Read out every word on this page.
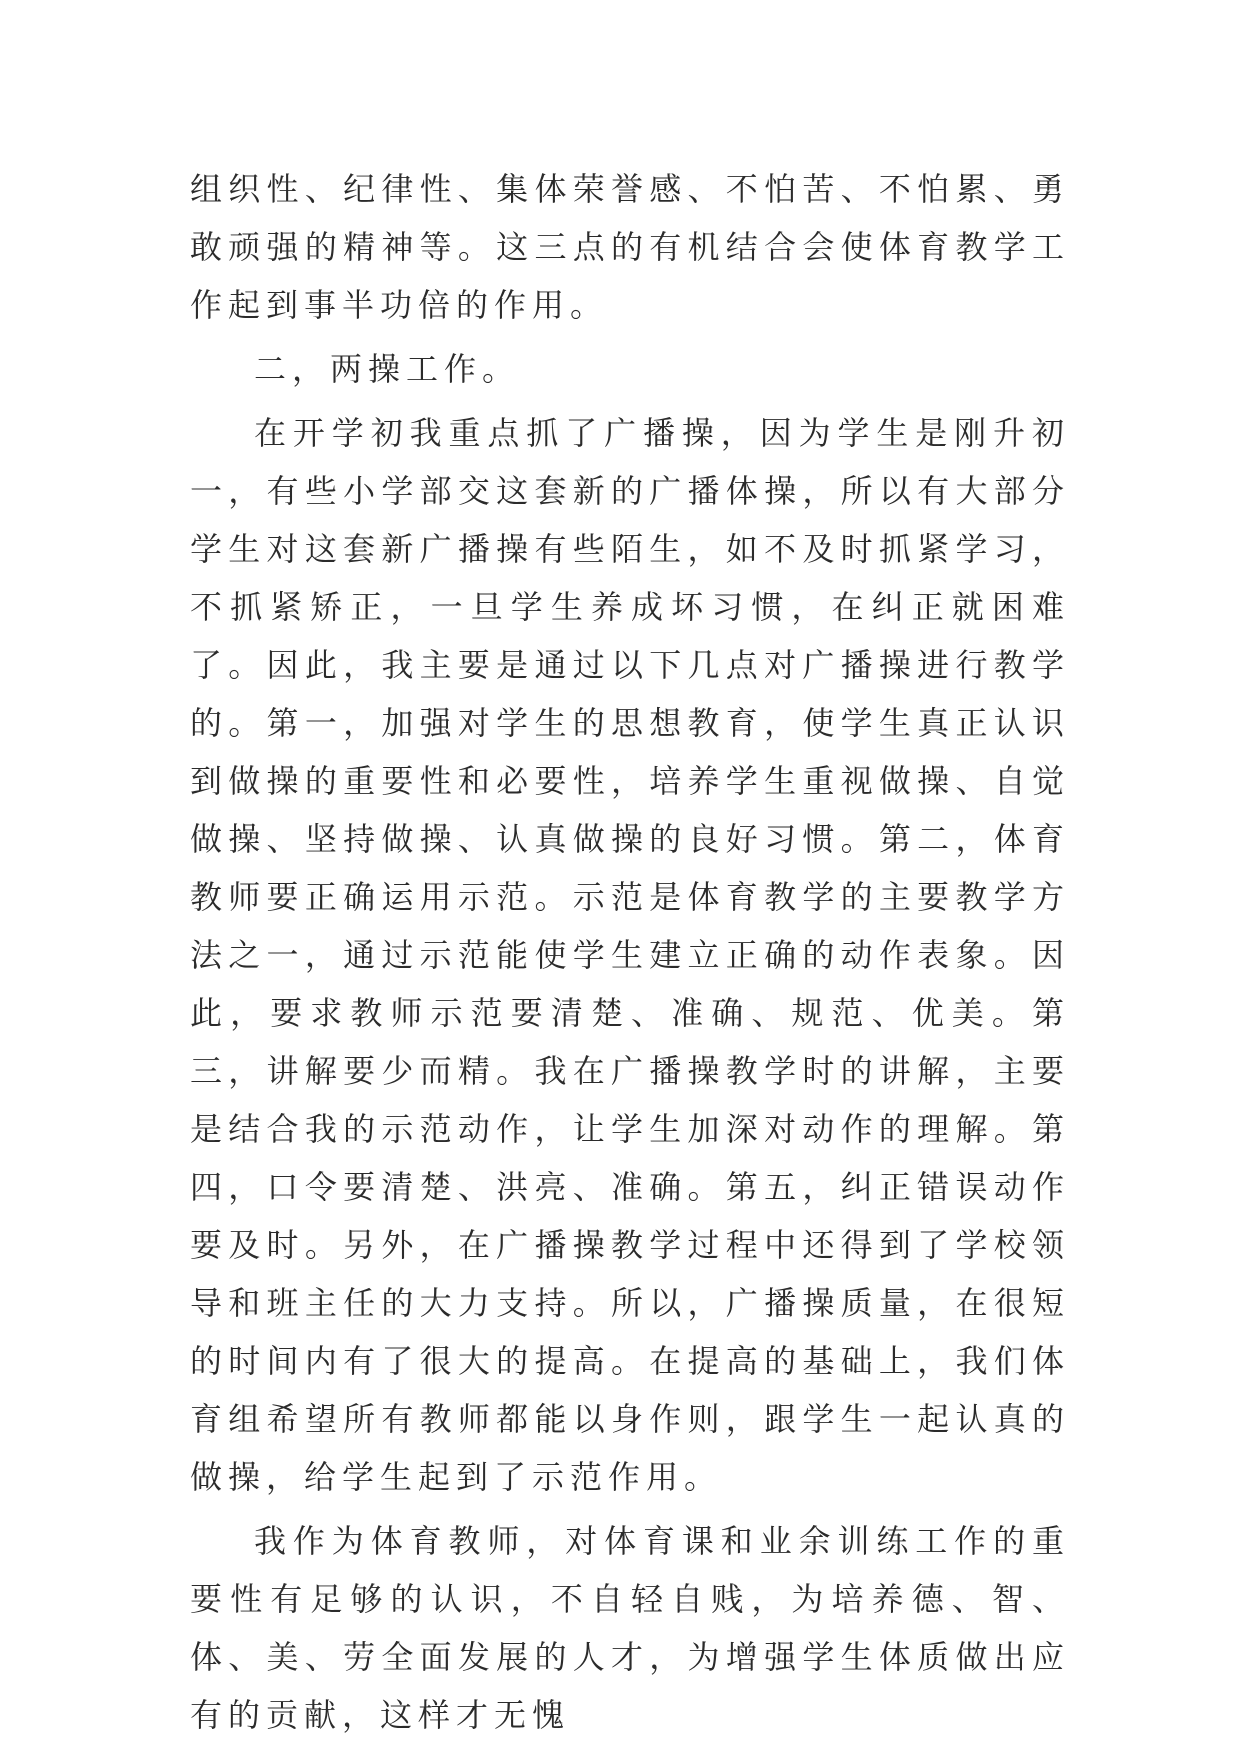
组织性、纪律性、集体荣誉感、不怕苦、不怕累、勇敢顽强的精神等。这三点的有机结合会使体育教学工作起到事半功倍的作用。

二，两操工作。

在开学初我重点抓了广播操，因为学生是刚升初一，有些小学部交这套新的广播体操，所以有大部分学生对这套新广播操有些陌生，如不及时抓紧学习，不抓紧矫正，一旦学生养成坏习惯，在纠正就困难了。因此，我主要是通过以下几点对广播操进行教学的。第一，加强对学生的思想教育，使学生真正认识到做操的重要性和必要性，培养学生重视做操、自觉做操、坚持做操、认真做操的良好习惯。第二，体育教师要正确运用示范。示范是体育教学的主要教学方法之一，通过示范能使学生建立正确的动作表象。因此，要求教师示范要清楚、准确、规范、优美。第三，讲解要少而精。我在广播操教学时的讲解，主要是结合我的示范动作，让学生加深对动作的理解。第四，口令要清楚、洪亮、准确。第五，纠正错误动作要及时。另外，在广播操教学过程中还得到了学校领导和班主任的大力支持。所以，广播操质量，在很短的时间内有了很大的提高。在提高的基础上，我们体育组希望所有教师都能以身作则，跟学生一起认真的做操，给学生起到了示范作用。

我作为体育教师，对体育课和业余训练工作的重要性有足够的认识，不自轻自贱，为培养德、智、体、美、劳全面发展的人才，为增强学生体质做出应有的贡献，这样才无愧
